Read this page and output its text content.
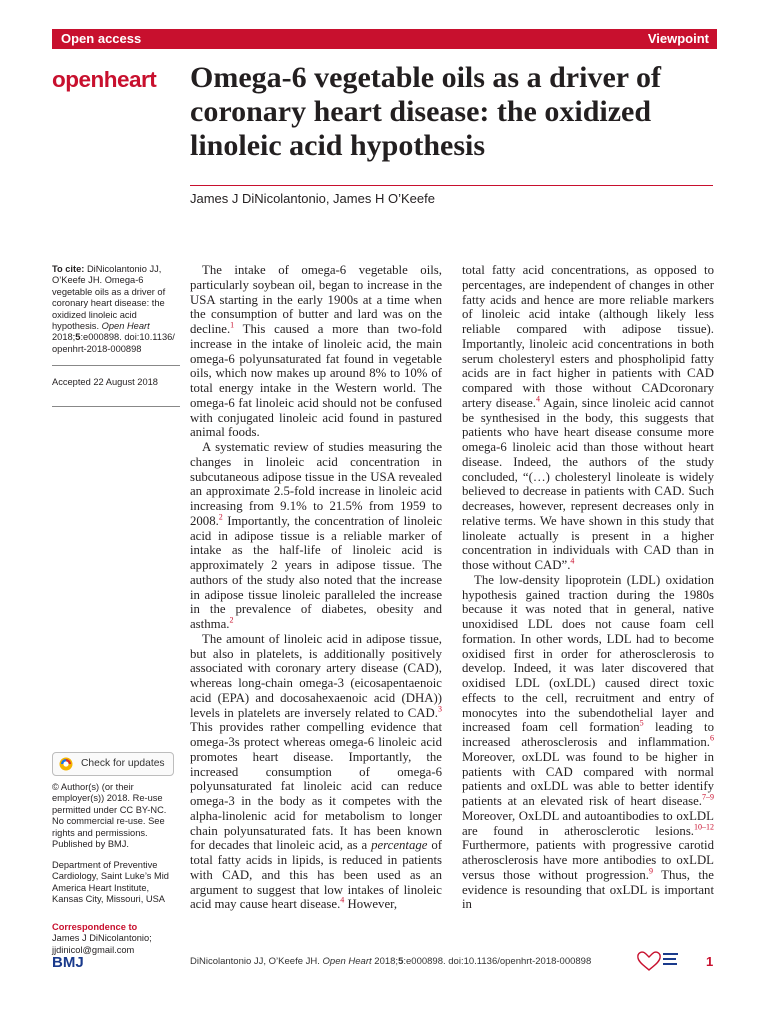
Open access	Viewpoint
openheart Omega-6 vegetable oils as a driver of coronary heart disease: the oxidized linoleic acid hypothesis
James J DiNicolantonio, James H O’Keefe
To cite: DiNicolantonio JJ, O’Keefe JH. Omega-6 vegetable oils as a driver of coronary heart disease: the oxidized linoleic acid hypothesis. Open Heart 2018;5:e000898. doi:10.1136/ openhrt-2018-000898
Accepted 22 August 2018
Check for updates
© Author(s) (or their employer(s)) 2018. Re-use permitted under CC BY-NC. No commercial re-use. See rights and permissions. Published by BMJ.
Department of Preventive Cardiology, Saint Luke’s Mid America Heart Institute, Kansas City, Missouri, USA
Correspondence to
James J DiNicolantonio;
jjdinicol@gmail.com

The intake of omega-6 vegetable oils, particularly soybean oil, began to increase in the USA starting in the early 1900s at a time when the consumption of butter and lard was on the decline.$^1$ This caused a more than two-fold increase in the intake of linoleic acid, the main omega-6 polyunsaturated fat found in vegetable oils, which now makes up around 8% to 10% of total energy intake in the Western world. The omega-6 fat linoleic acid should not be confused with conjugated linoleic acid found in pastured animal foods.

A systematic review of studies measuring the changes in linoleic acid concentration in subcutaneous adipose tissue in the USA revealed an approximate 2.5-fold increase in linoleic acid increasing from 9.1% to 21.5% from 1959 to 2008.$^2$ Importantly, the concentration of linoleic acid in adipose tissue is a reliable marker of intake as the half-life of linoleic acid is approximately 2 years in adipose tissue. The authors of the study also noted that the increase in adipose tissue linoleic paralleled the increase in the prevalence of diabetes, obesity and asthma.$^2$

The amount of linoleic acid in adipose tissue, but also in platelets, is additionally positively associated with coronary artery disease (CAD), whereas long-chain omega-3 (eicosapentaenoic acid (EPA) and docosahexaenoic acid (DHA)) levels in platelets are inversely related to CAD.$^3$ This provides rather compelling evidence that omega-3s protect whereas omega-6 linoleic acid promotes heart disease. Importantly, the increased consumption of omega-6 polyunsaturated fat linoleic acid can reduce omega-3 in the body as it competes with the alpha-linolenic acid for metabolism to longer chain polyunsaturated fats. It has been known for decades that linoleic acid, as a percentage of total fatty acids in lipids, is reduced in patients with CAD, and this has been used as an argument to suggest that low intakes of linoleic acid may cause heart disease.$^4$ However,

total fatty acid concentrations, as opposed to percentages, are independent of changes in other fatty acids and hence are more reliable markers of linoleic acid intake (although likely less reliable compared with adipose tissue). Importantly, linoleic acid concentrations in both serum cholesteryl esters and phospholipid fatty acids are in fact higher in patients with CAD compared with those without CADcoronary artery disease.$^4$ Again, since linoleic acid cannot be synthesised in the body, this suggests that patients who have heart disease consume more omega-6 linoleic acid than those without heart disease. Indeed, the authors of the study concluded, “(…) cholesteryl linoleate is widely believed to decrease in patients with CAD. Such decreases, however, represent decreases only in relative terms. We have shown in this study that linoleate actually is present in a higher concentration in individuals with CAD than in those without CAD”.$^4$

The low-density lipoprotein (LDL) oxidation hypothesis gained traction during the 1980s because it was noted that in general, native unoxidised LDL does not cause foam cell formation. In other words, LDL had to become oxidised first in order for atherosclerosis to develop. Indeed, it was later discovered that oxidised LDL (oxLDL) caused direct toxic effects to the cell, recruitment and entry of monocytes into the subendothelial layer and increased foam cell formation$^5$ leading to increased atherosclerosis and inflammation.$^6$ Moreover, oxLDL was found to be higher in patients with CAD compared with normal patients and oxLDL was able to better identify patients at an elevated risk of heart disease.$^{7-9}$ Moreover, OxLDL and autoantibodies to oxLDL are found in atherosclerotic lesions.$^{10-12}$ Furthermore, patients with progressive carotid atherosclerosis have more antibodies to oxLDL versus those without progression.$^9$ Thus, the evidence is resounding that oxLDL is important in

BMJ	DiNicolantonio JJ, O’Keefe JH. Open Heart 2018;5:e000898. doi:10.1136/openhrt-2018-000898	1
